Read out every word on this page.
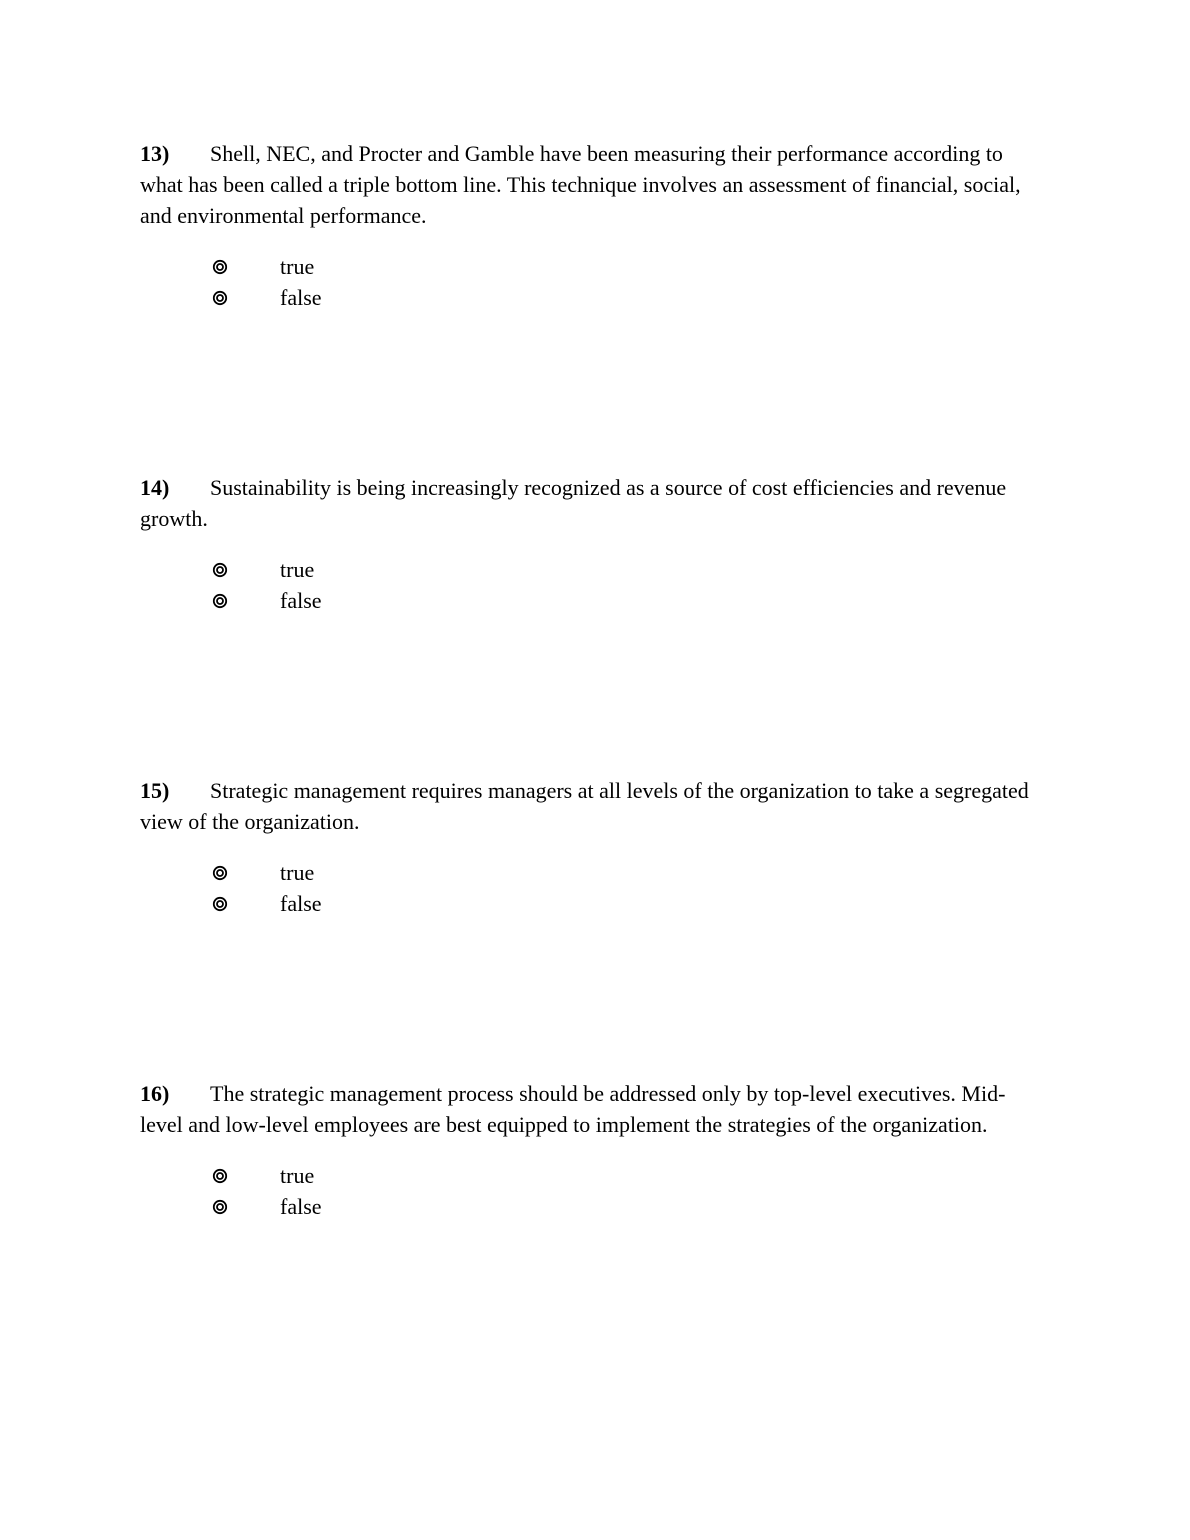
13) Shell, NEC, and Procter and Gamble have been measuring their performance according to what has been called a triple bottom line. This technique involves an assessment of financial, social, and environmental performance.

true
false

14) Sustainability is being increasingly recognized as a source of cost efficiencies and revenue growth.

true
false

15) Strategic management requires managers at all levels of the organization to take a segregated view of the organization.

true
false

16) The strategic management process should be addressed only by top-level executives. Mid-level and low-level employees are best equipped to implement the strategies of the organization.

true
false
